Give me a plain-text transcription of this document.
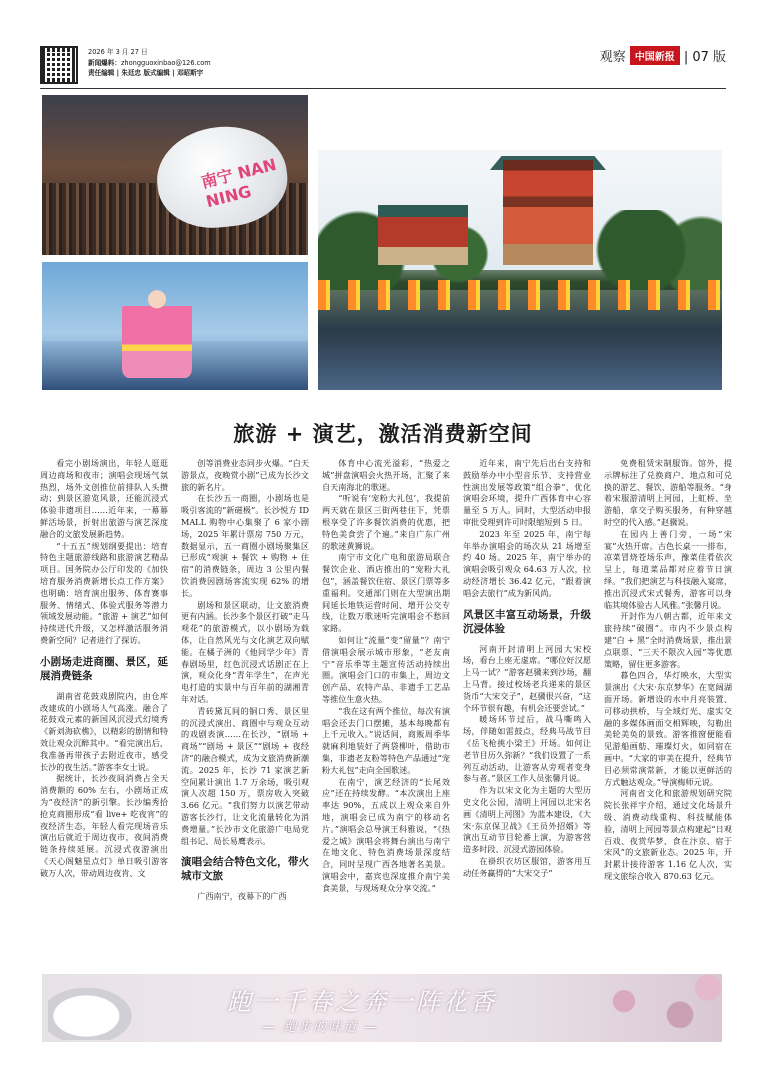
2026 年 3 月 27 日
新闻爆料：zhongguoxinbao@126.com
责任编辑 | 朱廷忠 版式编辑 | 邓昭斯宇
观察 中国新报 | 07 版
南宁 NAN NING
旅游 + 演艺，激活消费新空间

看完小剧场演出，年轻人逛逛周边商场和夜市；演唱会现场气氛热烈，场外文创推位前排队人头攒动；到景区游览风景，还能沉浸式体验非遗项目……近年来，一幕幕鲜活场景，折射出旅游与演艺深度融合的文旅发展新趋势。

“十五五”规划纲要提出：培育特色主题旅游线路和旅游演艺精品项目。国务院办公厅印发的《加快培育服务消费新增长点工作方案》也明确：培育演出服务、体育赛事服务、情绪式、体验式服务等潜力领域发展动能。“旅游 + 演艺”如何持续迸代升级，又怎样激活服务消费新空间？记者进行了探访。

小剧场走进商圈、景区，延展消费链条

湖南省花鼓戏剧院内，由仓库改建成的小剧场人气高涨。融合了花鼓戏元素的新国风沉浸式幻境秀《新刘海砍樵》，以精彩的剧情和特效让观众沉醉其中。“看完演出后，我准备再带孩子去附近夜市，感受长沙的夜生活。”游客李女士说。

据统计，长沙夜间消费占全天消费额的 60% 左右，小剧场正成为“夜经济”的新引擎。长沙编秀拾抢克商圈形成“看 live+ 吃夜宵”的夜经济生态，年轻人看完现场音乐演出后就近于周边夜市，夜间消费链条持续延展。沉浸式夜游演出《天心阁魅星点灯》单日吸引游客破万人次，带动周边夜肯、文

创等消费业态同步火爆。“白天游景点，夜晚赏小剧”已成为长沙文旅的新名片。

在长沙五一商圈，小剧场也是吸引客流的“新磁极”。长沙悦方 ID MALL 购物中心集聚了 6 家小剧场，2025 年累计票房 750 万元，数据显示，五一商圈小剧场聚集区已形成“观演 + 餐饮 + 购物 + 住宿”的消费链条，周边 3 公里内餐饮消费因剧场客流实现 62% 的增长。

剧场和景区联动，让文旅消费更有内涵。长沙多个景区打破“走马观花”的旅游模式，以小剧场为载体，让自然风光与文化演艺双向赋能。在橘子洲的《他同学少年》青春剧场里，红色沉浸式话剧正在上演，观众化身“青年学生”，在声光电打造的实景中与百年前的湖湘青年对话。

青砖黛瓦间的铜口秀、景区里的沉浸式演出、商圈中与观众互动的戏剧表演……在长沙，“剧场 + 商场”“剧场 + 景区”“剧场 + 夜经济”的融合模式，成为文旅消费新潮流。2025 年，长沙 71 家演艺新空间累计演出 1.7 万余场，吸引观演人次超 150 万，票房收入突破 3.66 亿元。“我们努力以演艺带动游客长沙行，让文化流量转化为消费增量。”长沙市文化旅游广电局党组书记、局长易鹰表示。

演唱会结合特色文化，带火城市文旅

广西南宁，夜幕下的广西

体育中心流光溢彩，“热爱之城”拼盘演唱会火热开场，汇聚了来自天南海北的歌迷。

“听说有‘宠粉大礼包’，我提前两天就在景区三街两巷住下，凭票根享受了许多餐饮消费的优惠，把特色美食尝了个遍。”来自广东广州的歌迷黄狮说。

南宁市文化广电和旅游局联合餐饮企业、酒店推出的“宠粉大礼包”，涵盖餐饮住宿、景区门票等多重福利。交通部门则在大型演出期间延长地铁运营时间、增开公交专线，让数万歌迷听完演唱会不愁回家路。

如何让“流量”变“留量”？南宁借演唱会展示城市形象，“老友南宁”音乐季等主题宣传活动持续出圈。演唱会门口的市集上，周边文创产品、农特产品、非遗手工艺品等推位生意火热。

“我在这有两个推位，每次有演唱会还去门口摆摊，基本每晚都有上千元收入。”说话间，商贩周季华就麻利地装好了两袋柳叶，借助市集，非遗老友粉等特色产品通过“宠粉大礼包”走向全国歌迷。

在南宁，演艺经济的“长尾效应”还在持续发酵。“本次演出上座率达 90%，五成以上观众来自外地，演唱会已成为南宁的移动名片。”演唱会总导演王科雅说，“《热爱之城》演唱会将舞台演出与南宁在地文化、特色消费场景深度结合，同时呈现广西各地著名美景。演唱会中，嘉宾也深度推介南宁美食美景，与现场观众分享交流。”

近年来，南宁先后出台支持和鼓励举办中小型音乐节、支持营业性演出发展等政策“组合拳”，优化演唱会环境，提升广西体育中心容量至 5 万人。同时，大型活动申报审批受理到许可时限缩短到 5 日。

2023 年至 2025 年，南宁每年举办演唱会的场次从 21 场增至约 40 场。2025 年，南宁举办的演唱会吸引观众 64.63 万人次，拉动经济增长 36.42 亿元，“跟着演唱会去旅行”成为新风尚。

风景区丰富互动场景，升级沉浸体验

河南开封清明上河园大宋校场，看台上座无虚席。“哪位好汉愿上马一试？”游客赵骥来到沙场，翻上马背。接过校场老兵递来的景区货币“大宋交子”，赵骥很兴奋，“这个环节很有趣，有机会还要尝试。”

暖场环节过后，战马嘶鸣入场，伴随如雷鼓点，经典马战节目《岳飞枪挑小梁王》开场。如何让老节目历久弥新？“我们设置了一系列互动活动，让游客从旁观者变身参与者。”景区工作人员张馨月说。

作为以宋文化为主题的大型历史文化公园，清明上河园以北宋名画《清明上河图》为蓝本建设，《大宋·东京保卫战》《王员外招婿》等演出互动节目轮番上演，为游客营造多时段、沉浸式游园体验。

在褂织衣坊区服馆，游客用互动任务赢得的“大宋交子”

免费租赁宋制服饰。馆外，提示牌标注了兑换商户、地点和可兑换的游艺、餐饮、游船等服务。“身着宋服游清明上河园，上虹桥、坐游船，拿交子购买服务，有种穿越时空的代入感。”赵骥说。

在园内上善门旁，一场“宋宴”火热开席。古色长桌一一排布，凉菜冒烧苍场乐声，豫菜佳肴依次呈上，每道菜品都对应着节日演绎。“我们把演艺与科技融入宴席，推出沉浸式宋式餐秀，游客可以身临其境体验古人风雅。”张馨月说。

开封作为八朝古都，近年来文旅持续“破圈”。市内不少景点构建“白 + 黑”全时消费场景，推出景点联票、“三天不限次入园”等优惠策略，留住更多游客。

暮色四合，华灯映水，大型实景演出《大宋·东京梦华》在宽阔湖面开场。新增设的水中月亮装置、可移动拱桥，与全域灯光、虚实交融的多媒体画面交相辉映，勾勒出美轮美奂的景致。游客推窗便能看见游船画舫、璀璨灯火，如同宿在画中。“大家的审美在提升，经典节目必须常演常新，才能以更鲜活的方式触达观众。”导演梅师元说。

河南省文化和旅游规划研究院院长张祥宇介绍，通过文化场景升级、消费动线重构、科技赋能体验，清明上河园等景点构建起“日观百戏、夜赏华梦、食在汴京、宿于宋风”的文旅新业态。2025 年，开封累计接待游客 1.16 亿人次，实现文旅综合收入 870.63 亿元。

跑一千春之奔一阵花香
— 跑步的味道 —
